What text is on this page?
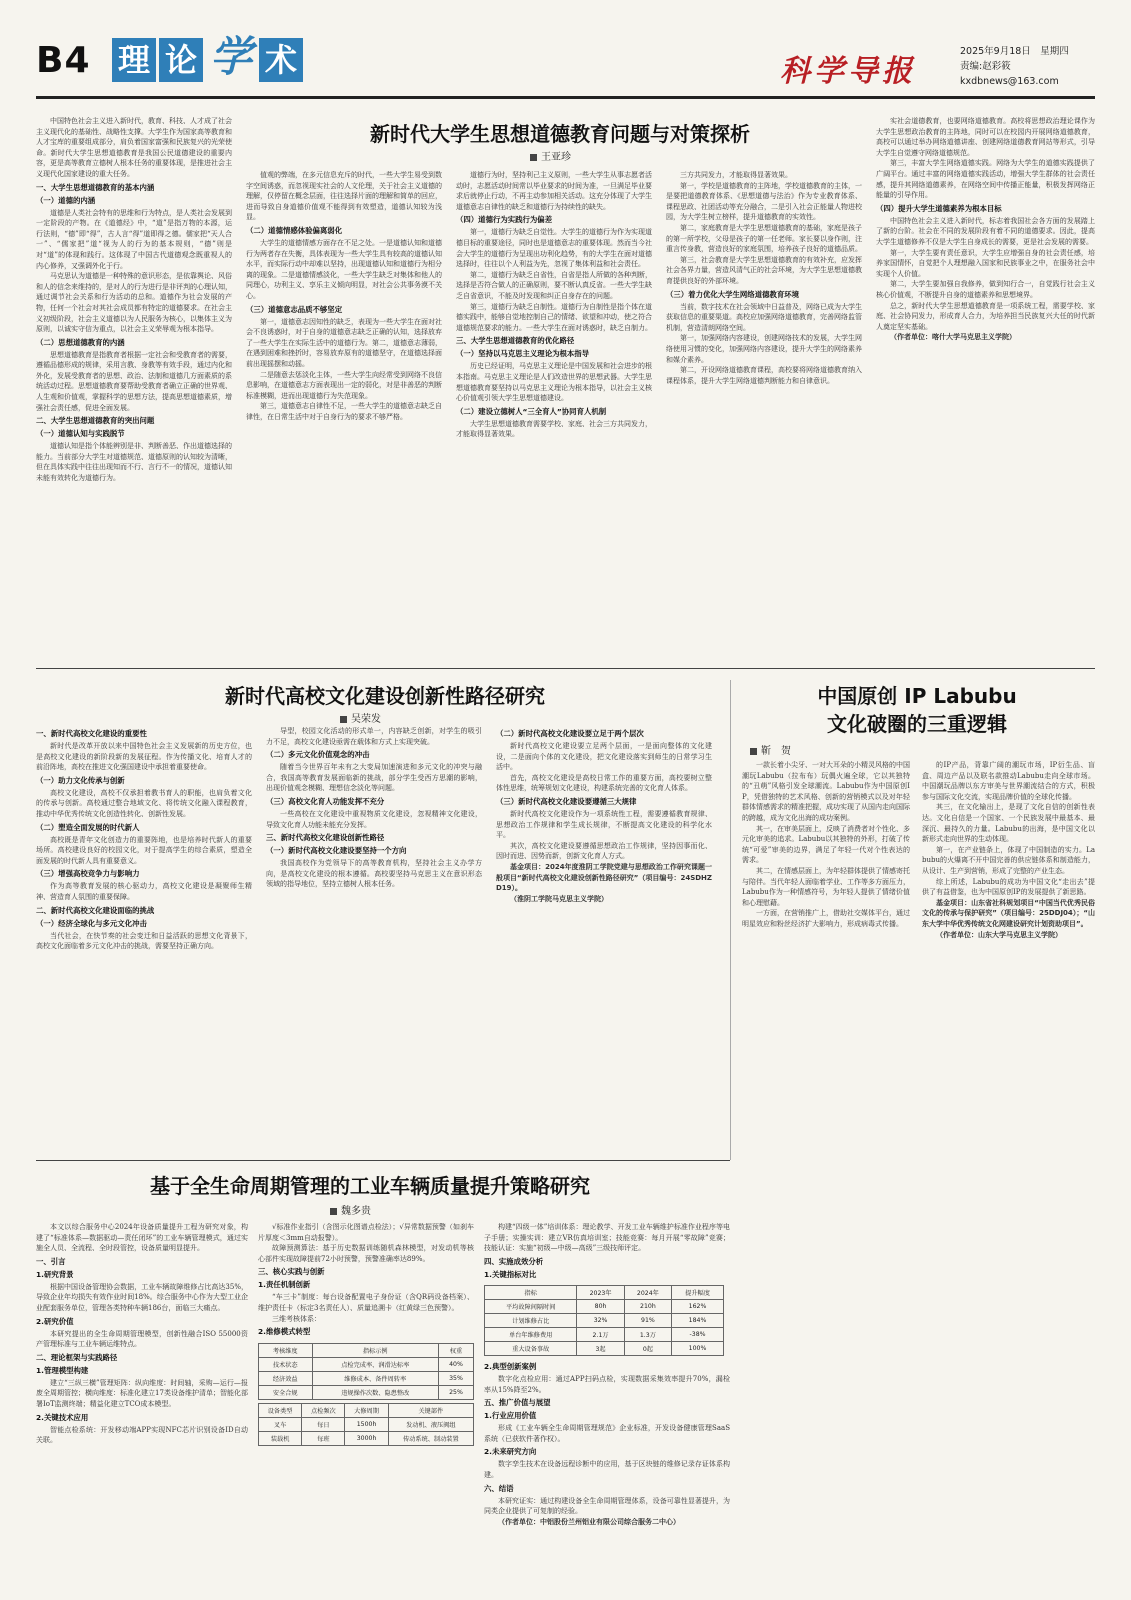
B4 理 论 学 术	科学导报
2025年9月18日　星期四
责编:赵彩筱
kxdbnews@163.com
新时代大学生思想道德教育问题与对策探析
王亚珍
中国特色社会主义进入新时代，教育、科技、人才成了社会主义现代化的基础性、战略性支撑。大学生作为国家高等教育和人才宝库的重要组成部分，肩负着国家富强和民族复兴的光荣使命。新时代大学生思想道德教育是我国公民道德建设的重要内容，更是高等教育立德树人根本任务的重要体现，是推进社会主义现代化国家建设的重大任务。
一、大学生思想道德教育的基本内涵
（一）道德的内涵
道德是人类社会特有的思维和行为特点，是人类社会发展到一定阶段的产物。在《道德经》中，“道”是指万物的本源，运行法则，“德”即“得”，古人言“得”道即得之德。儒家把“天人合一”、“儒家把”道“视为人的行为的基本规则，“德”则是对“道”的体现和践行。这体现了中国古代道德观念既重视人的内心修养，又强调外化于行。
马克思认为道德是一种特殊的意识形态，是依靠舆论、风俗和人的信念来维持的，是对人的行为进行是非评判的心理认知，通过调节社会关系和行为活动的总和。道德作为社会发展的产物，任何一个社会对其社会成员都有特定的道德要求。在社会主义初级阶段，社会主义道德以为人民服务为核心，以集体主义为原则，以诚实守信为重点，以社会主义荣辱观为根本指导。
（二）思想道德教育的内涵
思想道德教育是指教育者根据一定社会和受教育者的需要，遵循品德形成的规律，采用言教、身教等有效手段，通过内化和外化，发展受教育者的思想、政治、法制和道德几方面素质的系统活动过程。思想道德教育要帮助受教育者确立正确的世界观、人生观和价值观，掌握科学的思想方法，提高思想道德素质，增强社会责任感，促进全面发展。
二、大学生思想道德教育的突出问题
（一）道德认知与实践脱节
道德认知是指个体能辨别是非、判断善恶、作出道德选择的能力。当前部分大学生对道德规范、道德原则的认知较为清晰，但在具体实践中往往出现知而不行、言行不一的情况，道德认知未能有效转化为道德行为。
值观的弊端，在多元信息充斥的时代，一些大学生易受到数字空间诱惑，而忽视现实社会的人文伦理，关于社会主义道德的理解，仅停留在概念层面，往往选择片面的理解和简单的回应，进而导致自身道德价值观不能得到有效塑造，道德认知较为浅显。
（二）道德情感体验偏离弱化
大学生的道德情感方面存在不足之处。一是道德认知和道德行为两者存在失衡，具体表现为一些大学生具有较高的道德认知水平，而实际行动中却难以坚持，出现道德认知和道德行为相分离的现象。二是道德情感淡化，一些大学生缺乏对集体和他人的同理心，功利主义、享乐主义倾向明显，对社会公共事务漠不关心。
（三）道德意志品质不够坚定
第一，道德意志因知性的缺乏，表现为一些大学生在面对社会不良诱惑时，对于自身的道德意志缺乏正确的认知，选择放弃了一些大学生在实际生活中的道德行为。第二，道德意志薄弱，在遇到困难和挫折时，容易放弃原有的道德坚守，在道德选择面前出现摇摆和动摇。
二是随意去惩淡化主体，一些大学生向经常受到网络不良信息影响，在道德意志方面表现出一定的弱化，对是非善恶的判断标准模糊，进而出现道德行为失范现象。
第三，道德意志自律性不足，一些大学生的道德意志缺乏自律性，在日常生活中对于自身行为的要求不够严格。
道德行为时，坚持利己主义原则，一些大学生从事志愿者活动时，志愿活动时间常以毕业要求的时间为准，一旦满足毕业要求后就停止行动，不再主动参加相关活动。这充分体现了大学生道德意志自律性的缺乏和道德行为持续性的缺失。
（四）道德行为实践行为偏差
第一，道德行为缺乏自觉性。大学生的道德行为作为实现道德目标的重要途径，同时也是道德意志的重要体现。然而当今社会大学生的道德行为呈现出功利化趋势，有的大学生在面对道德选择时，往往以个人利益为先，忽视了集体利益和社会责任。
第二，道德行为缺乏自省性，自省是指人所做的各种判断，选择是否符合做人的正确原则，要不断认真反省。一些大学生缺乏自省意识，不能及时发现和纠正自身存在的问题。
第三，道德行为缺乏自制性。道德行为自制性是指个体在道德实践中，能够自觉地控制自己的情绪、欲望和冲动，使之符合道德规范要求的能力。一些大学生在面对诱惑时，缺乏自制力。
三、大学生思想道德教育的优化路径
（一）坚持以马克思主义理论为根本指导
历史已经证明，马克思主义理论是中国发展和社会进步的根本指南。马克思主义理论是人们改造世界的思想武器。大学生思想道德教育要坚持以马克思主义理论为根本指导，以社会主义核心价值观引领大学生思想道德建设。
（二）建设立德树人“三全育人”协同育人机制
大学生思想道德教育需要学校、家庭、社会三方共同发力，才能取得显著效果。
三方共同发力，才能取得显著效果。
第一，学校是道德教育的主阵地，学校道德教育的主体，一是要把道德教育体系、《思想道德与法治》作为专业教育体系、课程思政、社团活动等充分融合，二是引入社会正能量人物进校园，为大学生树立榜样，提升道德教育的实效性。
第二，家庭教育是大学生思想道德教育的基础，家庭是孩子的第一所学校，父母是孩子的第一任老师。家长要以身作则，注重言传身教，营造良好的家庭氛围，培养孩子良好的道德品质。
第三，社会教育是大学生思想道德教育的有效补充，应发挥社会各界力量，营造风清气正的社会环境，为大学生思想道德教育提供良好的外部环境。
（三）着力优化大学生网络道德教育环境
当前，数字技术在社会领域中日益普及，网络已成为大学生获取信息的重要渠道。高校应加强网络道德教育，完善网络监管机制，营造清朗网络空间。
第一，加强网络内容建设，创建网络技术的发展，大学生网络使用习惯的变化，加强网络内容建设，提升大学生的网络素养和媒介素养。
第二，开设网络道德教育课程，高校要将网络道德教育纳入课程体系，提升大学生网络道德判断能力和自律意识。
实社会道德教育，也要网络道德教育。高校将思想政治理论课作为大学生思想政治教育的主阵地，同时可以在校园内开展网络道德教育，高校可以通过举办网络道德讲座、创建网络道德教育网站等形式，引导大学生自觉遵守网络道德规范。
第三，丰富大学生网络道德实践。网络为大学生的道德实践提供了广阔平台。通过丰富的网络道德实践活动，增强大学生群体的社会责任感，提升其网络道德素养，在网络空间中传播正能量，积极发挥网络正能量的引导作用。
（四）提升大学生道德素养为根本目标
中国特色社会主义进入新时代，标志着我国社会各方面的发展踏上了新的台阶。社会在不同的发展阶段有着不同的道德要求。因此，提高大学生道德修养不仅是大学生自身成长的需要，更是社会发展的需要。
第一，大学生要有责任意识，大学生应增强自身的社会责任感，培养家国情怀，自觉把个人理想融入国家和民族事业之中，在服务社会中实现个人价值。
第二，大学生要加强自我修养，做到知行合一，自觉践行社会主义核心价值观，不断提升自身的道德素养和思想境界。
总之，新时代大学生思想道德教育是一项系统工程，需要学校、家庭、社会协同发力，形成育人合力，为培养担当民族复兴大任的时代新人奠定坚实基础。
（作者单位：喀什大学马克思主义学院）
新时代高校文化建设创新性路径研究
吴荣发
一、新时代高校文化建设的重要性
新时代是改革开放以来中国特色社会主义发展新的历史方位，也是高校文化建设的新阶段新的发展征程。作为传播文化、培育人才的前沿阵地，高校在推进文化强国建设中承担着重要使命。
（一）助力文化传承与创新
高校文化建设，高校不仅承担着教书育人的职能，也肩负着文化的传承与创新。高校通过整合地域文化、将传统文化融入课程教育，推动中华优秀传统文化创造性转化、创新性发展。
（二）塑造全面发展的时代新人
高校既是青年文化创造力的重要阵地，也是培养时代新人的重要场所。高校建设良好的校园文化，对于提高学生的综合素质，塑造全面发展的时代新人具有重要意义。
（三）增强高校竞争力与影响力
作为高等教育发展的核心驱动力，高校文化建设是凝聚师生精神、营造育人氛围的重要保障。
二、新时代高校文化建设面临的挑战
（一）经济全球化与多元文化冲击
当代社会，在快节奏的社会变迁和日益活跃的思想文化背景下，高校文化面临着多元文化冲击的挑战，需要坚持正确方向。
导型，校园文化活动的形式单一，内容缺乏创新，对学生的吸引力不足，高校文化建设亟需在载体和方式上实现突破。
（二）多元文化价值观念的冲击
随着当今世界百年未有之大变局加速演进和多元文化的冲突与融合，我国高等教育发展面临新的挑战，部分学生受西方思潮的影响，出现价值观念模糊、理想信念淡化等问题。
（三）高校文化育人功能发挥不充分
一些高校在文化建设中重视物质文化建设，忽视精神文化建设，导致文化育人功能未能充分发挥。
三、新时代高校文化建设创新性路径
（一）新时代高校文化建设要坚持一个方向
我国高校作为党领导下的高等教育机构，坚持社会主义办学方向，是高校文化建设的根本遵循。高校要坚持马克思主义在意识形态领域的指导地位，坚持立德树人根本任务。
（二）新时代高校文化建设要立足于两个层次
新时代高校文化建设要立足两个层面，一是面向整体的文化建设，二是面向个体的文化建设，把文化建设落实到师生的日常学习生活中。
首先，高校文化建设是高校日常工作的重要方面，高校要树立整体性思维，统筹规划文化建设，构建系统完善的文化育人体系。
（三）新时代高校文化建设要遵循三大规律
新时代高校文化建设作为一项系统性工程，需要遵循教育规律、思想政治工作规律和学生成长规律，不断提高文化建设的科学化水平。
其次，高校文化建设要遵循思想政治工作规律，坚持因事而化、因时而进、因势而新，创新文化育人方式。
基金项目：2024年度淮阴工学院党建与思想政治工作研究课题一般项目“新时代高校文化建设创新性路径研究”（项目编号：24SDHZD19）。
（淮阴工学院马克思主义学院）
中国原创 IP Labubu
文化破圈的三重逻辑
靳　贺
一款长着小尖牙、一对大耳朵的小精灵风格的中国潮玩Labubu（拉布布）玩偶火遍全球，它以其独特的“丑萌”风格引发全球潮流。Labubu作为中国原创IP，凭借独特的艺术风格、创新的营销模式以及对年轻群体情感需求的精准把握，成功实现了从国内走向国际的跨越，成为文化出海的成功案例。
其一，在审美层面上，反映了消费者对个性化、多元化审美的追求。Labubu以其独特的外形，打破了传统“可爱”审美的边界，满足了年轻一代对个性表达的需求。
其二，在情感层面上，为年轻群体提供了情感寄托与陪伴。当代年轻人面临着学业、工作等多方面压力，Labubu作为一种情感符号，为年轻人提供了情绪价值和心理慰藉。
一方面，在营销推广上，借助社交媒体平台，通过明星效应和粉丝经济扩大影响力，形成病毒式传播。
的IP产品，背靠广阔的潮玩市场，IP衍生品、盲盒、周边产品以及联名款推动Labubu走向全球市场。中国潮玩品牌以东方审美与世界潮流结合的方式，积极参与国际文化交流，实现品牌价值的全球化传播。
其三，在文化输出上，是现了文化自信的创新性表达。文化自信是一个国家、一个民族发展中最基本、最深沉、最持久的力量。Labubu的出海，是中国文化以新形式走向世界的生动体现。
第一，在产业链条上，体现了中国制造的实力。Labubu的火爆离不开中国完善的供应链体系和制造能力，从设计、生产到营销，形成了完整的产业生态。
综上所述，Labubu的成功为中国文化“走出去”提供了有益借鉴，也为中国原创IP的发展提供了新思路。
基金项目：山东省社科规划项目“中国当代优秀民俗文化的传承与保护研究”（项目编号：25DDJ04）；“山东大学中华优秀传统文化网建设研究计划资助项目”。
（作者单位：山东大学马克思主义学院）
基于全生命周期管理的工业车辆质量提升策略研究
魏多贵
本文以综合服务中心2024年设备质量提升工程为研究对象，构建了“标准体系—数据驱动—责任闭环”的工业车辆管理模式，通过实施全人员、全流程、全时段管控，设备质量明显提升。
一、引言
1.研究背景
根据中国设备管理协会数据，工业车辆故障维修占比高达35%，导致企业年均损失有效作业时间18%。综合服务中心作为大型工业企业配套服务单位，管理各类特种车辆186台，面临三大痛点。
2.研究价值
本研究提出的全生命周期管理模型，创新性融合ISO 55000资产管理标准与工业车辆运维特点。
二、理论框架与实践路径
1.管理模型构建
建立“三纵三横”管理矩阵：纵向维度：时间轴，采购—运行—报废全周期管控；横向维度：标准化建立17类设备维护清单；智能化部署IoT监测终端；精益化建立TCO成本模型。
2.关键技术应用
智能点检系统：开发移动端APP实现NFC芯片识别设备ID自动关联。
√标准作业指引（含图示化图谱点检法）；√异常数据预警（如刹车片厚度＜3mm自动报警）。
故障预测算法：基于历史数据训练随机森林模型，对发动机等核心部件实现故障提前72小时预警，预警准确率达89%。
三、核心实践与创新
1.责任机制创新
“车三卡”制度：每台设备配置电子身份证（含QR码设备档案）、维护责任卡（标定3名责任人）、质量追溯卡（红黄绿三色预警）。
三维考核体系：
2.维修模式转型
考核维度	指标示例	权重
技术状态	点检完成率、润滑达标率	40%
经济效益	维修成本、备件周转率	35%
安全合规	违规操作次数、隐患整改	25%
设备类型	点检频次	大修周期	关键部件
叉车	每日	1500h	发动机、液压阀组
装载机	每班	3000h	传动系统、制动装置
构建“四级一体”培训体系：理论教学、开发工业车辆维护标准作业程序等电子手册；实操实训：建立VR仿真培训室；技能竞赛：每月开展“零故障”竞赛；技能认证：实施“初级—中级—高级”三级技师评定。
四、实施成效分析
1.关键指标对比
指标	2023年	2024年	提升幅度
平均故障间隔时间	80h	210h	162%
计划维修占比	32%	91%	184%
单台年维修费用	2.1万	1.3万	-38%
重大设备事故	3起	0起	100%
2.典型创新案例
数字化点检应用：通过APP扫码点检，实现数据采集效率提升70%，漏检率从15%降至2%。
五、推广价值与展望
1.行业应用价值
形成《工业车辆全生命周期管理规范》企业标准，开发设备健康管理SaaS系统（已获软件著作权）。
2.未来研究方向
数字孪生技术在设备远程诊断中的应用，基于区块链的维修记录存证体系构建。
六、结语
本研究证实：通过构建设备全生命周期管理体系，设备可靠性显著提升，为同类企业提供了可复制的经验。
（作者单位：中铝股份兰州铝业有限公司综合服务二中心）
